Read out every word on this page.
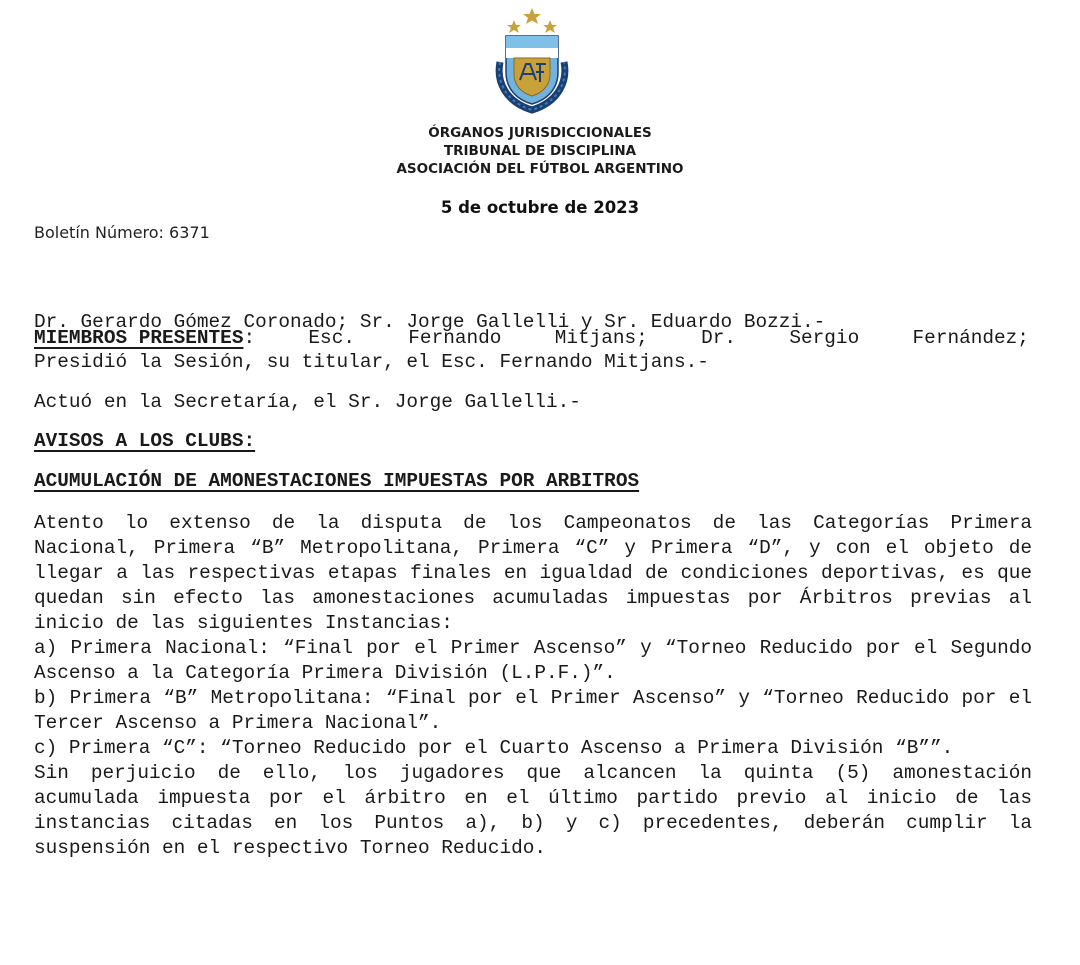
ÓRGANOS JURISDICCIONALES
TRIBUNAL DE DISCIPLINA
ASOCIACIÓN DEL FÚTBOL ARGENTINO
5 de octubre de 2023
Boletín Número: 6371

MIEMBROS PRESENTES:	Esc.	Fernando	Mitjans;	Dr.	Sergio	Fernández;

Dr. Gerardo Gómez Coronado; Sr. Jorge Gallelli y Sr. Eduardo Bozzi.-
Presidió la Sesión, su titular, el Esc. Fernando Mitjans.-
Actuó en la Secretaría, el Sr. Jorge Gallelli.-
AVISOS A LOS CLUBS:
ACUMULACIÓN DE AMONESTACIONES IMPUESTAS POR ARBITROS
Atento lo extenso de la disputa de los Campeonatos de las Categorías Primera Nacional, Primera “B” Metropolitana, Primera “C” y Primera “D”, y con el objeto de llegar a las respectivas etapas finales en igualdad de condiciones deportivas, es que quedan sin efecto las amonestaciones acumuladas impuestas por Árbitros previas al inicio de las siguientes Instancias:
a) Primera Nacional: “Final por el Primer Ascenso” y “Torneo Reducido por el Segundo Ascenso a la Categoría Primera División (L.P.F.)”.
b) Primera “B” Metropolitana: “Final por el Primer Ascenso” y “Torneo Reducido por el Tercer Ascenso a Primera Nacional”.
c) Primera “C”: “Torneo Reducido por el Cuarto Ascenso a Primera División “B””.
Sin perjuicio de ello, los jugadores que alcancen la quinta (5) amonestación acumulada impuesta por el árbitro en el último partido previo al inicio de las instancias citadas en los Puntos a), b) y c) precedentes, deberán cumplir la suspensión en el respectivo Torneo Reducido.
